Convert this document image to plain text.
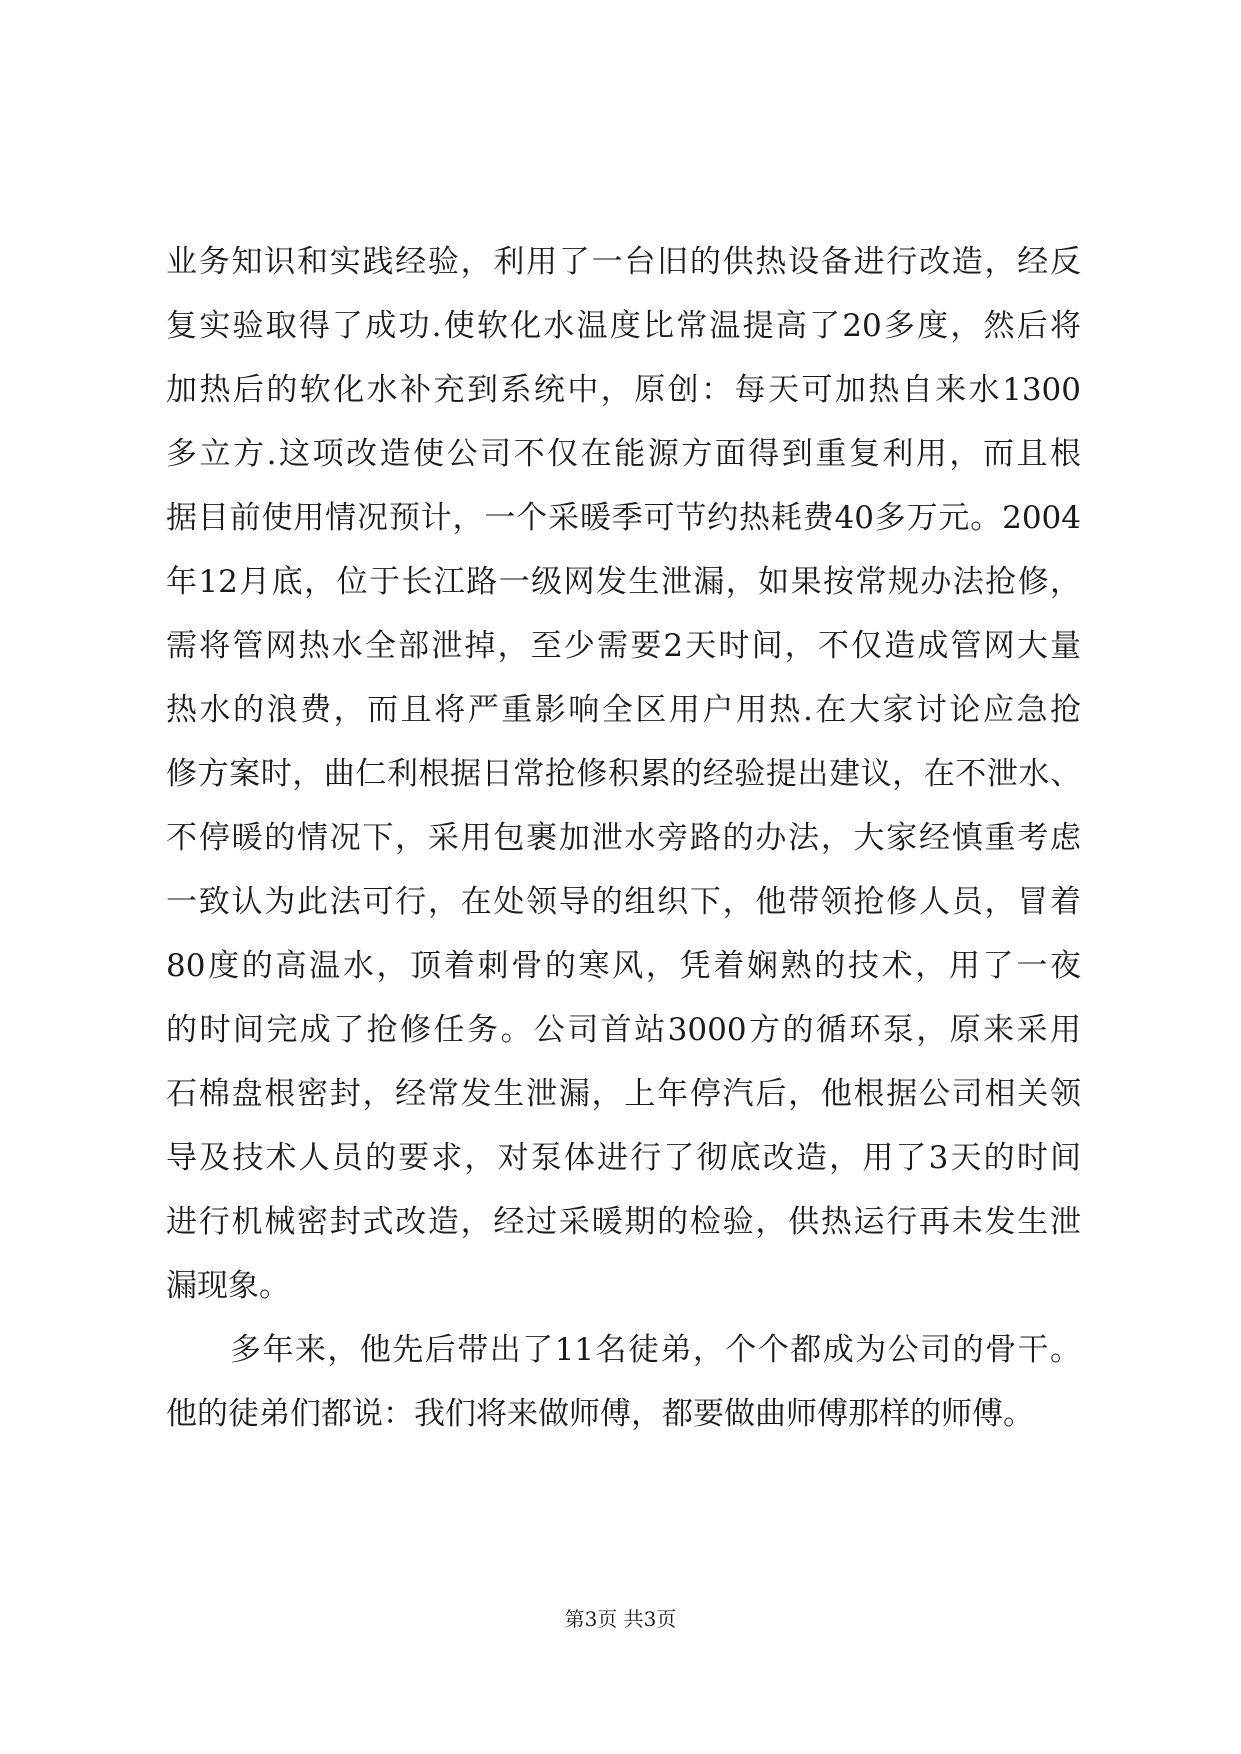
业务知识和实践经验，利用了一台旧的供热设备进行改造，经反
复实验取得了成功.使软化水温度比常温提高了20多度，然后将
加热后的软化水补充到系统中，原创：每天可加热自来水1300
多立方.这项改造使公司不仅在能源方面得到重复利用，而且根
据目前使用情况预计，一个采暖季可节约热耗费40多万元。2004
年12月底，位于长江路一级网发生泄漏，如果按常规办法抢修，
需将管网热水全部泄掉，至少需要2天时间，不仅造成管网大量
热水的浪费，而且将严重影响全区用户用热.在大家讨论应急抢
修方案时，曲仁利根据日常抢修积累的经验提出建议，在不泄水、
不停暖的情况下，采用包裹加泄水旁路的办法，大家经慎重考虑
一致认为此法可行，在处领导的组织下，他带领抢修人员，冒着
80度的高温水，顶着刺骨的寒风，凭着娴熟的技术，用了一夜
的时间完成了抢修任务。公司首站3000方的循环泵，原来采用
石棉盘根密封，经常发生泄漏，上年停汽后，他根据公司相关领
导及技术人员的要求，对泵体进行了彻底改造，用了3天的时间
进行机械密封式改造，经过采暖期的检验，供热运行再未发生泄
漏现象。
多年来，他先后带出了11名徒弟，个个都成为公司的骨干。
他的徒弟们都说：我们将来做师傅，都要做曲师傅那样的师傅。
第3页 共3页
